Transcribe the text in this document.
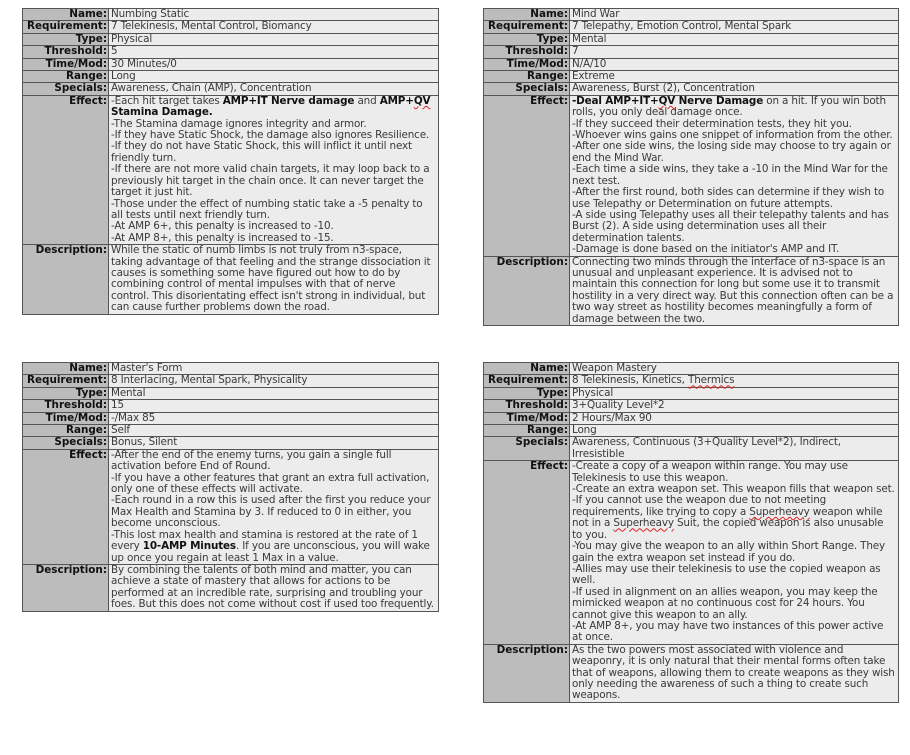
Name:	Numbing Static
Requirement:	7 Telekinesis, Mental Control, Biomancy
Type:	Physical
Threshold:	5
Time/Mod:	30 Minutes/0
Range:	Long
Specials:	Awareness, Chain (AMP), Concentration
Effect:	-Each hit target takes AMP+IT Nerve damage and AMP+QV Stamina Damage.
-The Stamina damage ignores integrity and armor.
-If they have Static Shock, the damage also ignores Resilience.
-If they do not have Static Shock, this will inflict it until next friendly turn.
-If there are not more valid chain targets, it may loop back to a previously hit target in the chain once. It can never target the target it just hit.
-Those under the effect of numbing static take a -5 penalty to all tests until next friendly turn.
-At AMP 6+, this penalty is increased to -10.
-At AMP 8+, this penalty is increased to -15.

Description:	While the static of numb limbs is not truly from n3-space, taking advantage of that feeling and the strange dissociation it causes is something some have figured out how to do by combining control of mental impulses with that of nerve control. This disorientating effect isn't strong in individual, but can cause further problems down the road.
Name:	Mind War
Requirement:	7 Telepathy, Emotion Control, Mental Spark
Type:	Mental
Threshold:	7
Time/Mod:	N/A/10
Range:	Extreme
Specials:	Awareness, Burst (2), Concentration
Effect:	-Deal AMP+IT+QV Nerve Damage on a hit. If you win both rolls, you only deal damage once.
-If they succeed their determination tests, they hit you.
-Whoever wins gains one snippet of information from the other.
-After one side wins, the losing side may choose to try again or end the Mind War.
-Each time a side wins, they take a -10 in the Mind War for the next test.
-After the first round, both sides can determine if they wish to use Telepathy or Determination on future attempts.
-A side using Telepathy uses all their telepathy talents and has Burst (2). A side using determination uses all their determination talents.
-Damage is done based on the initiator's AMP and IT.

Description:	Connecting two minds through the interface of n3-space is an unusual and unpleasant experience. It is advised not to maintain this connection for long but some use it to transmit hostility in a very direct way. But this connection often can be a two way street as hostility becomes meaningfully a form of damage between the two.
Name:	Master's Form
Requirement:	8 Interlacing, Mental Spark, Physicality
Type:	Mental
Threshold:	15
Time/Mod:	-/Max 85
Range:	Self
Specials:	Bonus, Silent
Effect:	-After the end of the enemy turns, you gain a single full activation before End of Round.
-If you have a other features that grant an extra full activation, only one of these effects will activate.
-Each round in a row this is used after the first you reduce your Max Health and Stamina by 3. If reduced to 0 in either, you become unconscious.
-This lost max health and stamina is restored at the rate of 1 every 10-AMP Minutes. If you are unconscious, you will wake up once you regain at least 1 Max in a value.

Description:	By combining the talents of both mind and matter, you can achieve a state of mastery that allows for actions to be performed at an incredible rate, surprising and troubling your foes. But this does not come without cost if used too frequently.
Name:	Weapon Mastery
Requirement:	8 Telekinesis, Kinetics, Thermics
Type:	Physical
Threshold:	3+Quality Level*2
Time/Mod:	2 Hours/Max 90
Range:	Long
Specials:	Awareness, Continuous (3+Quality Level*2), Indirect, Irresistible
Effect:	-Create a copy of a weapon within range. You may use Telekinesis to use this weapon.
-Create an extra weapon set. This weapon fills that weapon set.
-If you cannot use the weapon due to not meeting requirements, like trying to copy a Superheavy weapon while not in a Superheavy Suit, the copied weapon is also unusable to you.
-You may give the weapon to an ally within Short Range. They gain the extra weapon set instead if you do.
-Allies may use their telekinesis to use the copied weapon as well.
-If used in alignment on an allies weapon, you may keep the mimicked weapon at no continuous cost for 24 hours. You cannot give this weapon to an ally.
-At AMP 8+, you may have two instances of this power active at once.

Description:	As the two powers most associated with violence and weaponry, it is only natural that their mental forms often take that of weapons, allowing them to create weapons as they wish only needing the awareness of such a thing to create such weapons.
